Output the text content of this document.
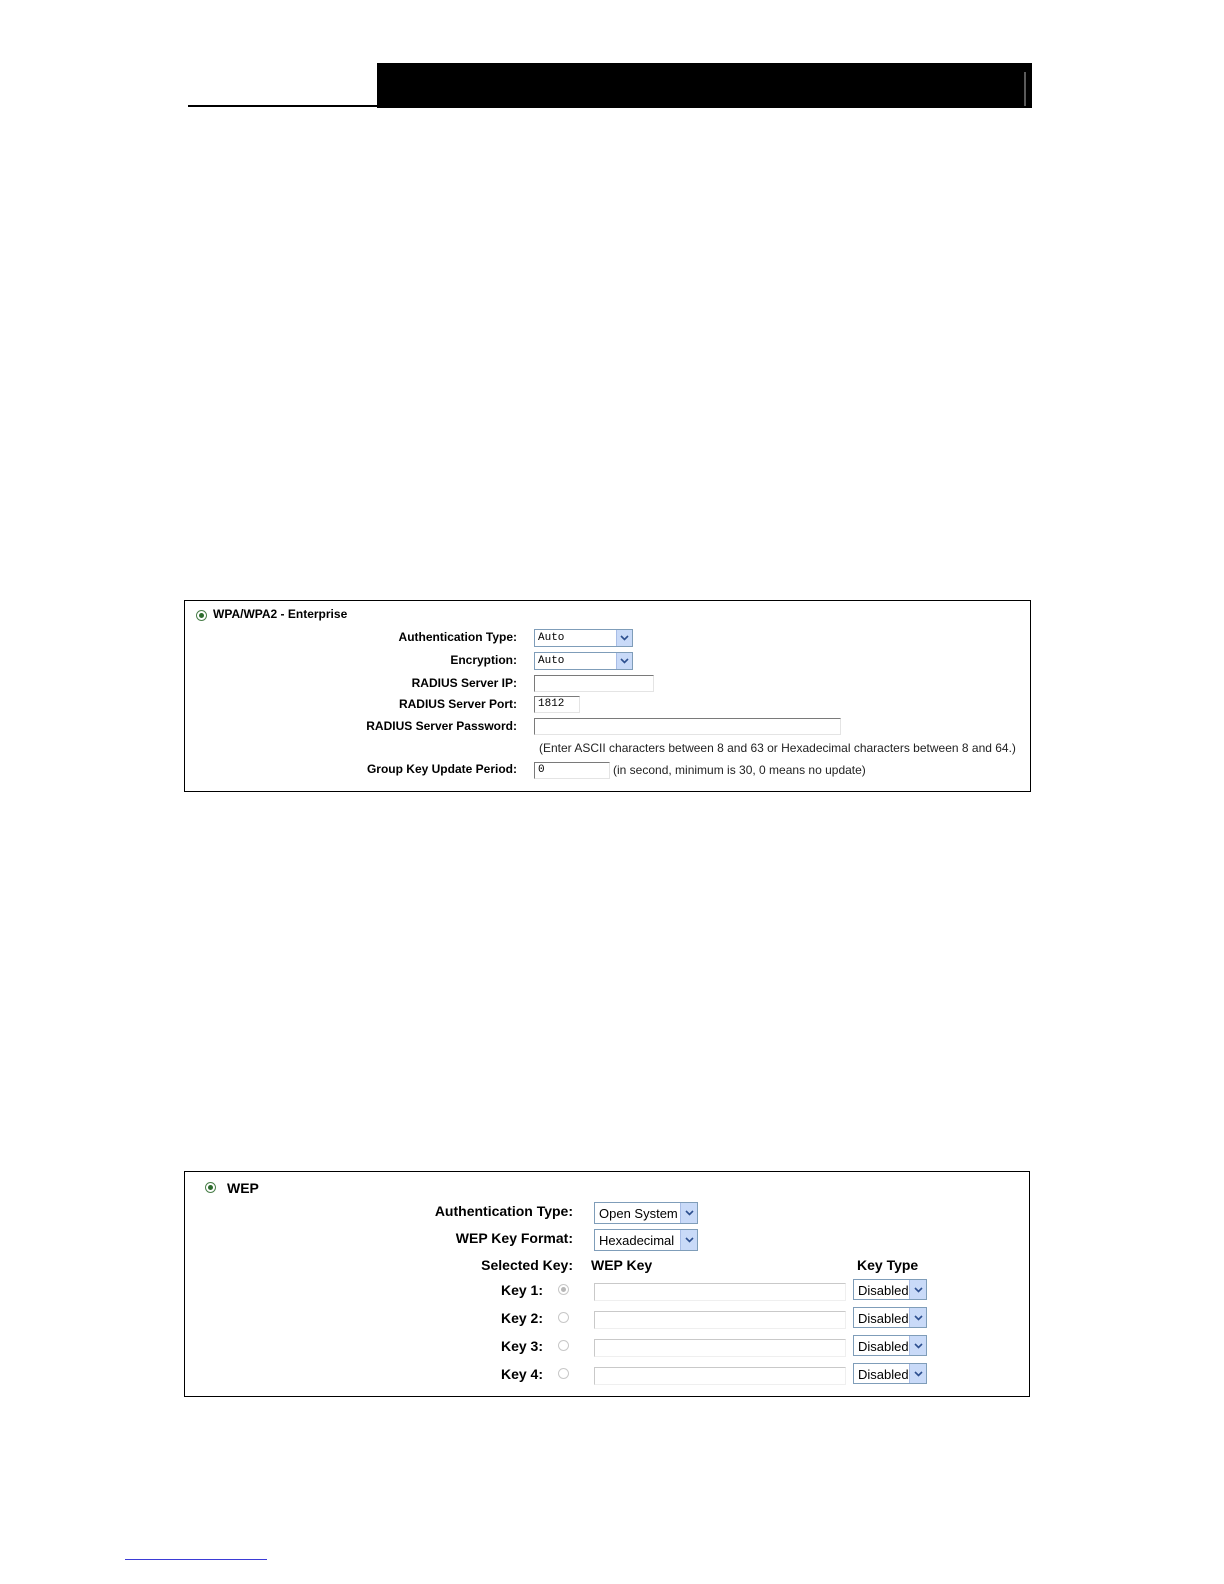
WPA/WPA2 - Enterprise
Authentication Type: Auto
Encryption: Auto
RADIUS Server IP:
RADIUS Server Port:	1812
RADIUS Server Password:
(Enter ASCII characters between 8 and 63 or Hexadecimal characters between 8 and 64.)
Group Key Update Period:	0	(in second, minimum is 30, 0 means no update)
WEP
Authentication Type:	Open System
WEP Key Format:	Hexadecimal
Selected Key: WEP Key	Key Type
Key 1:	Disabled
Key 2:	Disabled
Key 3:	Disabled
Key 4:	Disabled
